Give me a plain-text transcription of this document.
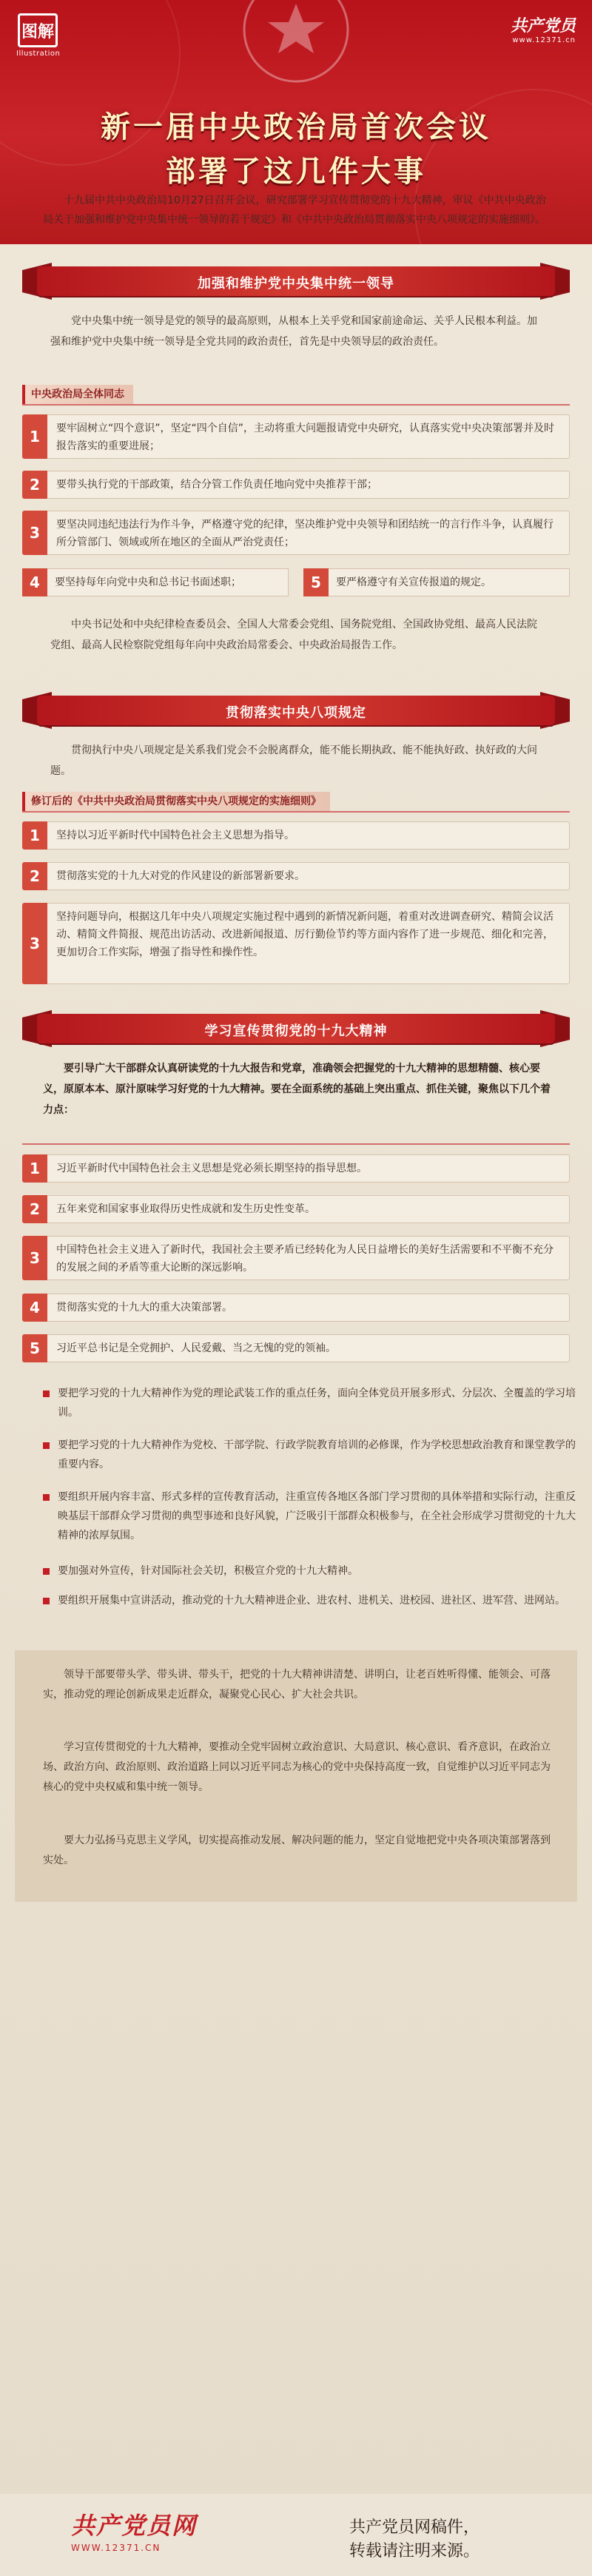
图解
Illustration
共产党员
www.12371.cn
新一届中央政治局首次会议
部署了这几件大事
十九届中共中央政治局10月27日召开会议，研究部署学习宣传贯彻党的十九大精神，审议《中共中央政治局关于加强和维护党中央集中统一领导的若干规定》和《中共中央政治局贯彻落实中央八项规定的实施细则》。
加强和维护党中央集中统一领导
党中央集中统一领导是党的领导的最高原则，从根本上关乎党和国家前途命运、关乎人民根本利益。加强和维护党中央集中统一领导是全党共同的政治责任，首先是中央领导层的政治责任。
中央政治局全体同志
1	要牢固树立“四个意识”，坚定“四个自信”，主动将重大问题报请党中央研究，认真落实党中央决策部署并及时报告落实的重要进展；
2	要带头执行党的干部政策，结合分管工作负责任地向党中央推荐干部；
3	要坚决同违纪违法行为作斗争，严格遵守党的纪律，坚决维护党中央领导和团结统一的言行作斗争，认真履行所分管部门、领域或所在地区的全面从严治党责任；
4	要坚持每年向党中央和总书记书面述职；	5	要严格遵守有关宣传报道的规定。
中央书记处和中央纪律检查委员会、全国人大常委会党组、国务院党组、全国政协党组、最高人民法院党组、最高人民检察院党组每年向中央政治局常委会、中央政治局报告工作。
贯彻落实中央八项规定
贯彻执行中央八项规定是关系我们党会不会脱离群众，能不能长期执政、能不能执好政、执好政的大问题。
修订后的《中共中央政治局贯彻落实中央八项规定的实施细则》
1	坚持以习近平新时代中国特色社会主义思想为指导。
2	贯彻落实党的十九大对党的作风建设的新部署新要求。
3
坚持问题导向，根据这几年中央八项规定实施过程中遇到的新情况新问题，着重对改进调查研究、精简会议活动、精简文件简报、规范出访活动、改进新闻报道、厉行勤俭节约等方面内容作了进一步规范、细化和完善，更加切合工作实际，增强了指导性和操作性。
学习宣传贯彻党的十九大精神
要引导广大干部群众认真研读党的十九大报告和党章，准确领会把握党的十九大精神的思想精髓、核心要义，原原本本、原汁原味学习好党的十九大精神。要在全面系统的基础上突出重点、抓住关键，聚焦以下几个着力点：
1	习近平新时代中国特色社会主义思想是党必须长期坚持的指导思想。
2	五年来党和国家事业取得历史性成就和发生历史性变革。
3	中国特色社会主义进入了新时代，我国社会主要矛盾已经转化为人民日益增长的美好生活需要和不平衡不充分的发展之间的矛盾等重大论断的深远影响。
4	贯彻落实党的十九大的重大决策部署。
5	习近平总书记是全党拥护、人民爱戴、当之无愧的党的领袖。
要把学习党的十九大精神作为党的理论武装工作的重点任务，面向全体党员开展多形式、分层次、全覆盖的学习培训。
要把学习党的十九大精神作为党校、干部学院、行政学院教育培训的必修课，作为学校思想政治教育和课堂教学的重要内容。
要组织开展内容丰富、形式多样的宣传教育活动，注重宣传各地区各部门学习贯彻的具体举措和实际行动，注重反映基层干部群众学习贯彻的典型事迹和良好风貌，广泛吸引干部群众积极参与，在全社会形成学习贯彻党的十九大精神的浓厚氛围。
要加强对外宣传，针对国际社会关切，积极宣介党的十九大精神。
要组织开展集中宣讲活动，推动党的十九大精神进企业、进农村、进机关、进校园、进社区、进军营、进网站。

领导干部要带头学、带头讲、带头干，把党的十九大精神讲清楚、讲明白，让老百姓听得懂、能领会、可落实，推动党的理论创新成果走近群众，凝聚党心民心、扩大社会共识。

学习宣传贯彻党的十九大精神，要推动全党牢固树立政治意识、大局意识、核心意识、看齐意识，在政治立场、政治方向、政治原则、政治道路上同以习近平同志为核心的党中央保持高度一致，自觉维护以习近平同志为核心的党中央权威和集中统一领导。

要大力弘扬马克思主义学风，切实提高推动发展、解决问题的能力，坚定自觉地把党中央各项决策部署落到实处。

共产党员网
WWW.12371.CN
共产党员网稿件，
转载请注明来源。
